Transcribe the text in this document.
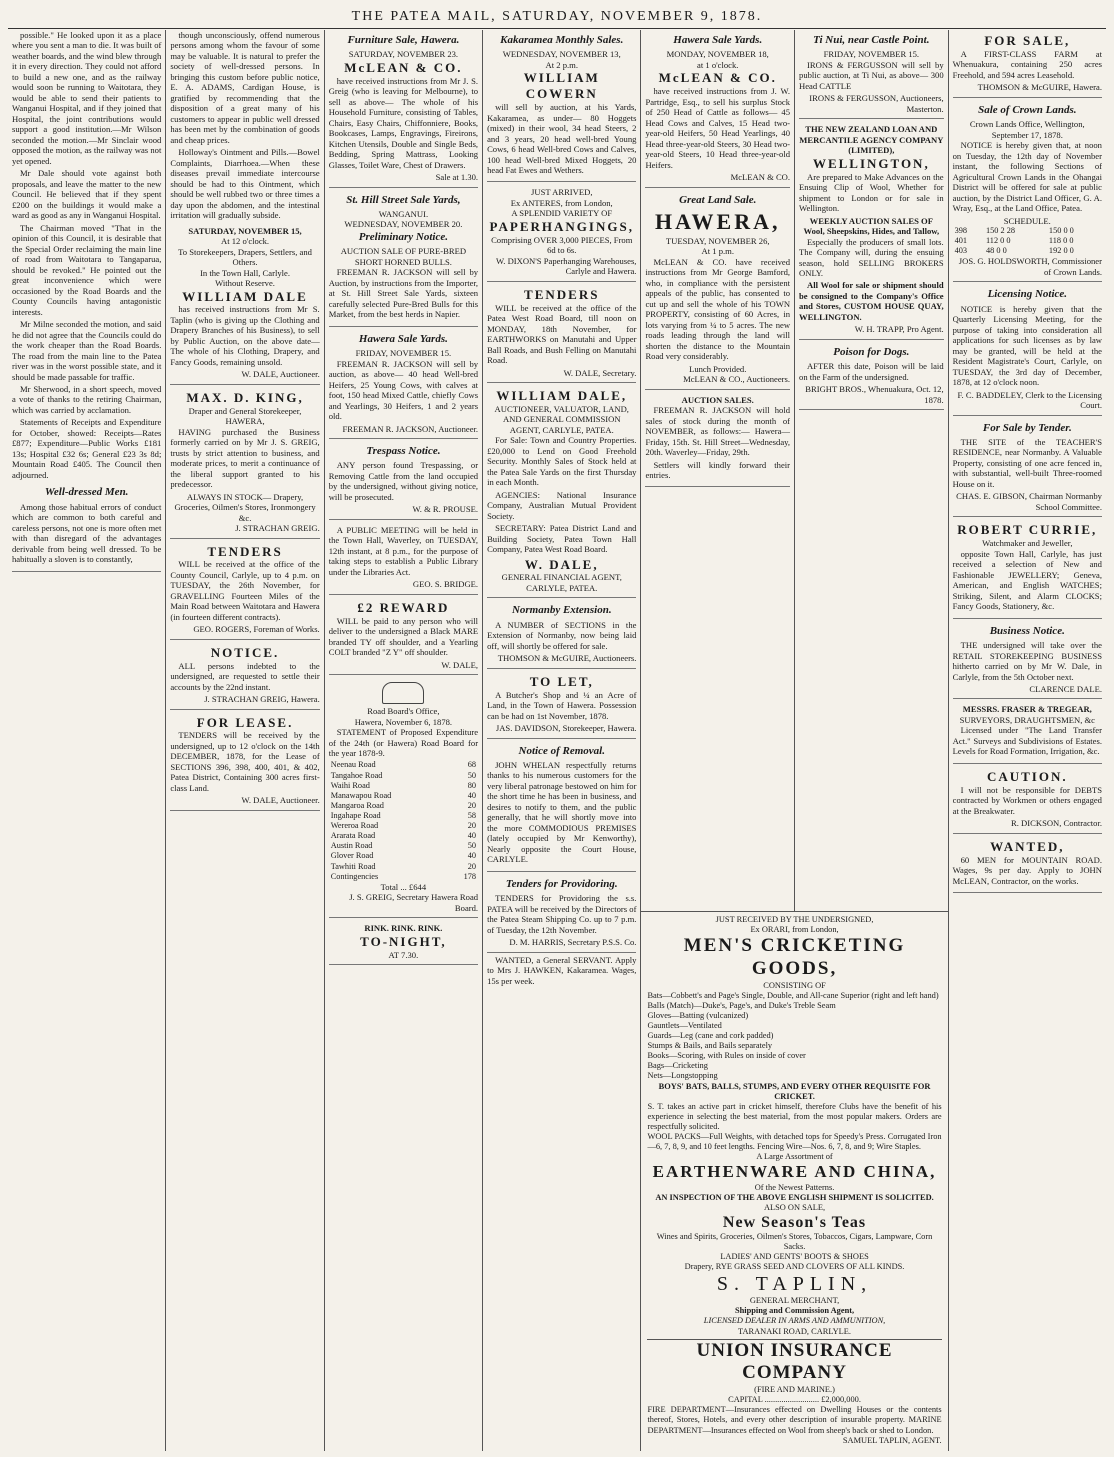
THE PATEA MAIL, SATURDAY, NOVEMBER 9, 1878.

possible." He looked upon it as a place where you sent a man to die. It was built of weather boards, and the wind blew through it in every direction. They could not afford to build a new one, and as the railway would soon be running to Waitotara, they would be able to send their patients to Wanganui Hospital, and if they joined that Hospital, the joint contributions would support a good institution.—Mr Wilson seconded the motion.—Mr Sinclair wood opposed the motion, as the railway was not yet opened.

Mr Dale should vote against both proposals, and leave the matter to the new Council. He believed that if they spent £200 on the buildings it would make a ward as good as any in Wanganui Hospital.

The Chairman moved "That in the opinion of this Council, it is desirable that the Special Order reclaiming the main line of road from Waitotara to Tangaparua, should be revoked." He pointed out the great inconvenience which were occasioned by the Road Boards and the County Councils having antagonistic interests.

Mr Milne seconded the motion, and said he did not agree that the Councils could do the work cheaper than the Road Boards. The road from the main line to the Patea river was in the worst possible state, and it should be made passable for traffic.

Mr Sherwood, in a short speech, moved a vote of thanks to the retiring Chairman, which was carried by acclamation.

Statements of Receipts and Expenditure for October, showed: Receipts—Rates £877; Expenditure—Public Works £181 13s; Hospital £32 6s; General £23 3s 8d; Mountain Road £405. The Council then adjourned.

Well-dressed Men.

Among those habitual errors of conduct which are common to both careful and careless persons, not one is more often met with than disregard of the advantages derivable from being well dressed. To be habitually a sloven is to constantly,

though unconsciously, offend numerous persons among whom the favour of some may be valuable. It is natural to prefer the society of well-dressed persons. In bringing this custom before public notice, E. A. ADAMS, Cardigan House, is gratified by recommending that the disposition of a great many of his customers to appear in public well dressed has been met by the combination of goods and cheap prices.

Holloway's Ointment and Pills.—Bowel Complaints, Diarrhoea.—When these diseases prevail immediate intercourse should be had to this Ointment, which should be well rubbed two or three times a day upon the abdomen, and the intestinal irritation will gradually subside.

SATURDAY, NOVEMBER 15,
At 12 o'clock.
To Storekeepers, Drapers, Settlers, and Others.
In the Town Hall, Carlyle.
Without Reserve.
WILLIAM DALE

has received instructions from Mr S. Taplin (who is giving up the Clothing and Drapery Branches of his Business), to sell by Public Auction, on the above date— The whole of his Clothing, Drapery, and Fancy Goods, remaining unsold.

W. DALE, Auctioneer.
MAX. D. KING,
Draper and General Storekeeper, HAWERA,

HAVING purchased the Business formerly carried on by Mr J. S. GREIG, trusts by strict attention to business, and moderate prices, to merit a continuance of the liberal support granted to his predecessor.

ALWAYS IN STOCK— Drapery, Groceries, Oilmen's Stores, Ironmongery &c.
J. STRACHAN GREIG.
TENDERS

WILL be received at the office of the County Council, Carlyle, up to 4 p.m. on TUESDAY, the 26th November, for GRAVELLING Fourteen Miles of the Main Road between Waitotara and Hawera (in fourteen different contracts).

GEO. ROGERS, Foreman of Works.
NOTICE.

ALL persons indebted to the undersigned, are requested to settle their accounts by the 22nd instant.

J. STRACHAN GREIG, Hawera.
FOR LEASE.

TENDERS will be received by the undersigned, up to 12 o'clock on the 14th DECEMBER, 1878, for the Lease of SECTIONS 396, 398, 400, 401, & 402, Patea District, Containing 300 acres first-class Land.

W. DALE, Auctioneer.
Furniture Sale, Hawera.
SATURDAY, NOVEMBER 23.
McLEAN & CO.

have received instructions from Mr J. S. Greig (who is leaving for Melbourne), to sell as above— The whole of his Household Furniture, consisting of Tables, Chairs, Easy Chairs, Chiffonniere, Books, Bookcases, Lamps, Engravings, Fireirons, Kitchen Utensils, Double and Single Beds, Bedding, Spring Mattrass, Looking Glasses, Toilet Ware, Chest of Drawers.

Sale at 1.30.
St. Hill Street Sale Yards,
WANGANUI.
WEDNESDAY, NOVEMBER 20.
Preliminary Notice.
AUCTION SALE OF PURE-BRED SHORT HORNED BULLS.

FREEMAN R. JACKSON will sell by Auction, by instructions from the Importer, at St. Hill Street Sale Yards, sixteen carefully selected Pure-Bred Bulls for this Market, from the best herds in Napier.

Hawera Sale Yards.
FRIDAY, NOVEMBER 15.

FREEMAN R. JACKSON will sell by auction, as above— 40 head Well-bred Heifers, 25 Young Cows, with calves at foot, 150 head Mixed Cattle, chiefly Cows and Yearlings, 30 Heifers, 1 and 2 years old.

FREEMAN R. JACKSON, Auctioneer.
Trespass Notice.

ANY person found Trespassing, or Removing Cattle from the land occupied by the undersigned, without giving notice, will be prosecuted.

W. & R. PROUSE.

A PUBLIC MEETING will be held in the Town Hall, Waverley, on TUESDAY, 12th instant, at 8 p.m., for the purpose of taking steps to establish a Public Library under the Libraries Act.

GEO. S. BRIDGE.
£2 REWARD

WILL be paid to any person who will deliver to the undersigned a Black MARE branded TY off shoulder, and a Yearling COLT branded "Z Y" off shoulder.

W. DALE,
Road Board's Office,
Hawera, November 6, 1878.

STATEMENT of Proposed Expenditure of the 24th (or Hawera) Road Board for the year 1878-9.

Neenau Road	68
Tangahoe Road	50
Waihi Road	80
Manawapou Road	40
Mangaroa Road	20
Ingahape Road	58
Wereroa Road	20
Ararata Road	40
Austin Road	50
Glover Road	40
Tawhiti Road	20
Contingencies	178
Total ... £644
J. S. GREIG, Secretary Hawera Road Board.
RINK. RINK. RINK.
TO-NIGHT,
AT 7.30.
Kakaramea Monthly Sales.
WEDNESDAY, NOVEMBER 13,
At 2 p.m.
WILLIAM COWERN

will sell by auction, at his Yards, Kakaramea, as under— 80 Hoggets (mixed) in their wool, 34 head Steers, 2 and 3 years, 20 head well-bred Young Cows, 6 head Well-bred Cows and Calves, 100 head Well-bred Mixed Hoggets, 20 head Fat Ewes and Wethers.

JUST ARRIVED,
Ex ANTERES, from London,
A SPLENDID VARIETY OF
PAPERHANGINGS,
Comprising OVER 3,000 PIECES, From 6d to 6s.
W. DIXON'S Paperhanging Warehouses, Carlyle and Hawera.
TENDERS

WILL be received at the office of the Patea West Road Board, till noon on MONDAY, 18th November, for EARTHWORKS on Manutahi and Upper Ball Roads, and Bush Felling on Manutahi Road.

W. DALE, Secretary.
WILLIAM DALE,
AUCTIONEER, VALUATOR, LAND, AND GENERAL COMMISSION AGENT, CARLYLE, PATEA.

For Sale: Town and Country Properties. £20,000 to Lend on Good Freehold Security. Monthly Sales of Stock held at the Patea Sale Yards on the first Thursday in each Month.

AGENCIES: National Insurance Company, Australian Mutual Provident Society.

SECRETARY: Patea District Land and Building Society, Patea Town Hall Company, Patea West Road Board.

W. DALE,
GENERAL FINANCIAL AGENT, CARLYLE, PATEA.
Normanby Extension.

A NUMBER of SECTIONS in the Extension of Normanby, now being laid off, will shortly be offered for sale.

THOMSON & McGUIRE, Auctioneers.
TO LET,

A Butcher's Shop and ¼ an Acre of Land, in the Town of Hawera. Possession can be had on 1st November, 1878.

JAS. DAVIDSON, Storekeeper, Hawera.
Notice of Removal.

JOHN WHELAN respectfully returns thanks to his numerous customers for the very liberal patronage bestowed on him for the short time he has been in business, and desires to notify to them, and the public generally, that he will shortly move into the more COMMODIOUS PREMISES (lately occupied by Mr Kenworthy), Nearly opposite the Court House, CARLYLE.

Tenders for Providoring.

TENDERS for Providoring the s.s. PATEA will be received by the Directors of the Patea Steam Shipping Co. up to 7 p.m. of Tuesday, the 12th November.

D. M. HARRIS, Secretary P.S.S. Co.

WANTED, a General SERVANT. Apply to Mrs J. HAWKEN, Kakaramea. Wages, 15s per week.

Hawera Sale Yards.
MONDAY, NOVEMBER 18,
at 1 o'clock.
McLEAN & CO.

have received instructions from J. W. Partridge, Esq., to sell his surplus Stock of 250 Head of Cattle as follows— 45 Head Cows and Calves, 15 Head two-year-old Heifers, 50 Head Yearlings, 40 Head three-year-old Steers, 30 Head two-year-old Steers, 10 Head three-year-old Heifers.

McLEAN & CO.
Great Land Sale.
HAWERA,
TUESDAY, NOVEMBER 26,
At 1 p.m.

McLEAN & CO. have received instructions from Mr George Bamford, who, in compliance with the persistent appeals of the public, has consented to cut up and sell the whole of his TOWN PROPERTY, consisting of 60 Acres, in lots varying from ¼ to 5 acres. The new roads leading through the land will shorten the distance to the Mountain Road very considerably.

Lunch Provided.
McLEAN & CO., Auctioneers.
AUCTION SALES.

FREEMAN R. JACKSON will hold sales of stock during the month of NOVEMBER, as follows:— Hawera—Friday, 15th. St. Hill Street—Wednesday, 20th. Waverley—Friday, 29th.

Settlers will kindly forward their entries.

Ti Nui, near Castle Point.
FRIDAY, NOVEMBER 15.

IRONS & FERGUSSON will sell by public auction, at Ti Nui, as above— 300 Head CATTLE

IRONS & FERGUSSON, Auctioneers, Masterton.
THE NEW ZEALAND LOAN AND MERCANTILE AGENCY COMPANY (LIMITED),
WELLINGTON,

Are prepared to Make Advances on the Ensuing Clip of Wool, Whether for shipment to London or for sale in Wellington.

WEEKLY AUCTION SALES OF Wool, Sheepskins, Hides, and Tallow,

Especially the producers of small lots. The Company will, during the ensuing season, hold SELLING BROKERS ONLY.

All Wool for sale or shipment should be consigned to the Company's Office and Stores, CUSTOM HOUSE QUAY, WELLINGTON.

W. H. TRAPP, Pro Agent.
Poison for Dogs.

AFTER this date, Poison will be laid on the Farm of the undersigned.

BRIGHT BROS., Whenuakura, Oct. 12, 1878.
JUST RECEIVED BY THE UNDERSIGNED,
Ex ORARI, from London,
MEN'S CRICKETING GOODS,
CONSISTING OF
Bats—Cobbett's and Page's Single, Double, and All-cane Superior (right and left hand)
Balls (Match)—Duke's, Page's, and Duke's Treble Seam
Gloves—Batting (vulcanized)
Gauntlets—Ventilated
Guards—Leg (cane and cork padded)
Stumps & Bails, and Bails separately
Books—Scoring, with Rules on inside of cover
Bags—Cricketing
Nets—Longstopping
BOYS' BATS, BALLS, STUMPS, AND EVERY OTHER REQUISITE FOR CRICKET.
S. T. takes an active part in cricket himself, therefore Clubs have the benefit of his experience in selecting the best material, from the most popular makers. Orders are respectfully solicited.
WOOL PACKS—Full Weights, with detached tops for Speedy's Press. Corrugated Iron—6, 7, 8, 9, and 10 feet lengths. Fencing Wire—Nos. 6, 7, 8, and 9; Wire Staples.
A Large Assortment of
EARTHENWARE AND CHINA,
Of the Newest Patterns.
AN INSPECTION OF THE ABOVE ENGLISH SHIPMENT IS SOLICITED.
ALSO ON SALE,
New Season's Teas
Wines and Spirits, Groceries, Oilmen's Stores, Tobaccos, Cigars, Lampware, Corn Sacks.
LADIES' AND GENTS' BOOTS & SHOES
Drapery, RYE GRASS SEED AND CLOVERS OF ALL KINDS.
S. TAPLIN,
GENERAL MERCHANT,
Shipping and Commission Agent,
LICENSED DEALER IN ARMS AND AMMUNITION,
TARANAKI ROAD, CARLYLE.
UNION INSURANCE COMPANY
(FIRE AND MARINE.)
CAPITAL .......................... £2,000,000.
FIRE DEPARTMENT—Insurances effected on Dwelling Houses or the contents thereof, Stores, Hotels, and every other description of insurable property. MARINE DEPARTMENT—Insurances effected on Wool from sheep's back or shed to London.
SAMUEL TAPLIN, AGENT.
FOR SALE,

A FIRST-CLASS FARM at Whenuakura, containing 250 acres Freehold, and 594 acres Leasehold.

THOMSON & McGUIRE, Hawera.
Sale of Crown Lands.
Crown Lands Office, Wellington, September 17, 1878.

NOTICE is hereby given that, at noon on Tuesday, the 12th day of November instant, the following Sections of Agricultural Crown Lands in the Ohangai District will be offered for sale at public auction, by the District Land Officer, G. A. Wray, Esq., at the Land Office, Patea.

SCHEDULE.
398	150 2 28	150 0 0
401	112 0 0	118 0 0
403	48 0 0	192 0 0
JOS. G. HOLDSWORTH, Commissioner of Crown Lands.
Licensing Notice.

NOTICE is hereby given that the Quarterly Licensing Meeting, for the purpose of taking into consideration all applications for such licenses as by law may be granted, will be held at the Resident Magistrate's Court, Carlyle, on TUESDAY, the 3rd day of December, 1878, at 12 o'clock noon.

F. C. BADDELEY, Clerk to the Licensing Court.
For Sale by Tender.

THE SITE of the TEACHER'S RESIDENCE, near Normanby. A Valuable Property, consisting of one acre fenced in, with substantial, well-built Three-roomed House on it.

CHAS. E. GIBSON, Chairman Normanby School Committee.
ROBERT CURRIE,
Watchmaker and Jeweller,

opposite Town Hall, Carlyle, has just received a selection of New and Fashionable JEWELLERY; Geneva, American, and English WATCHES; Striking, Silent, and Alarm CLOCKS; Fancy Goods, Stationery, &c.

Business Notice.

THE undersigned will take over the RETAIL STOREKEEPING BUSINESS hitherto carried on by Mr W. Dale, in Carlyle, from the 5th October next.

CLARENCE DALE.
MESSRS. FRASER & TREGEAR,
SURVEYORS, DRAUGHTSMEN, &c

Licensed under "The Land Transfer Act." Surveys and Subdivisions of Estates. Levels for Road Formation, Irrigation, &c.

CAUTION.

I will not be responsible for DEBTS contracted by Workmen or others engaged at the Breakwater.

R. DICKSON, Contractor.
WANTED,

60 MEN for MOUNTAIN ROAD. Wages, 9s per day. Apply to JOHN McLEAN, Contractor, on the works.
